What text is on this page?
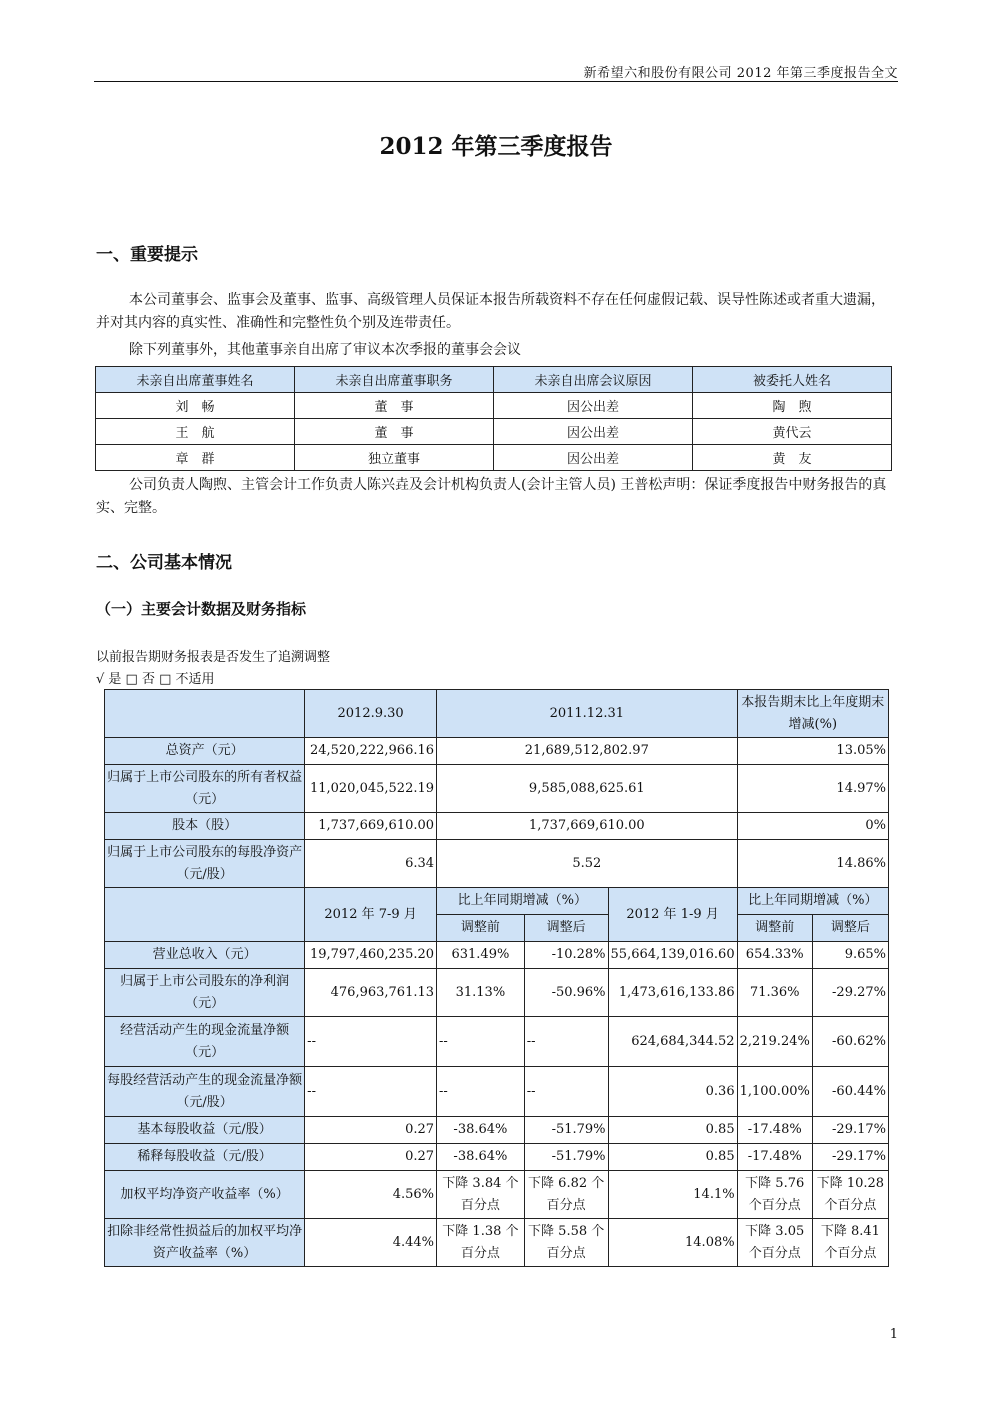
新希望六和股份有限公司 2012 年第三季度报告全文
2012 年第三季度报告
一、重要提示
本公司董事会、监事会及董事、监事、高级管理人员保证本报告所载资料不存在任何虚假记载、误导性陈述或者重大遗漏，并对其内容的真实性、准确性和完整性负个别及连带责任。
除下列董事外，其他董事亲自出席了审议本次季报的董事会会议
未亲自出席董事姓名	未亲自出席董事职务	未亲自出席会议原因	被委托人姓名
刘　畅	董　事	因公出差	陶　煦
王　航	董　事	因公出差	黄代云
章　群	独立董事	因公出差	黄　友
公司负责人陶煦、主管会计工作负责人陈兴垚及会计机构负责人(会计主管人员) 王普松声明：保证季度报告中财务报告的真实、完整。
二、公司基本情况
（一）主要会计数据及财务指标
以前报告期财务报表是否发生了追溯调整
√ 是 □ 否 □ 不适用
	2012.9.30	2011.12.31			本报告期末比上年度期末增减(%)	
总资产（元）	24,520,222,966.16	21,689,512,802.97			13.05%	
归属于上市公司股东的所有者权益（元）	11,020,045,522.19	9,585,088,625.61			14.97%	
股本（股）	1,737,669,610.00	1,737,669,610.00			0%	
归属于上市公司股东的每股净资产（元/股）	6.34	5.52			14.86%	
	2012 年 7-9 月	比上年同期增减（%）		2012 年 1-9 月	比上年同期增减（%）	
		调整前	调整后		调整前	调整后
营业总收入（元）	19,797,460,235.20	631.49%	-10.28%	55,664,139,016.60	654.33%	9.65%
归属于上市公司股东的净利润（元）	476,963,761.13	31.13%	-50.96%	1,473,616,133.86	71.36%	-29.27%
经营活动产生的现金流量净额（元）	--	--	--	624,684,344.52	2,219.24%	-60.62%
每股经营活动产生的现金流量净额（元/股）	--	--	--	0.36	1,100.00%	-60.44%
基本每股收益（元/股）	0.27	-38.64%	-51.79%	0.85	-17.48%	-29.17%
稀释每股收益（元/股）	0.27	-38.64%	-51.79%	0.85	-17.48%	-29.17%
加权平均净资产收益率（%）	4.56%	下降 3.84 个百分点	下降 6.82 个百分点	14.1%	下降 5.76 个百分点	下降 10.28 个百分点
扣除非经常性损益后的加权平均净资产收益率（%）	4.44%	下降 1.38 个百分点	下降 5.58 个百分点	14.08%	下降 3.05 个百分点	下降 8.41 个百分点
1
